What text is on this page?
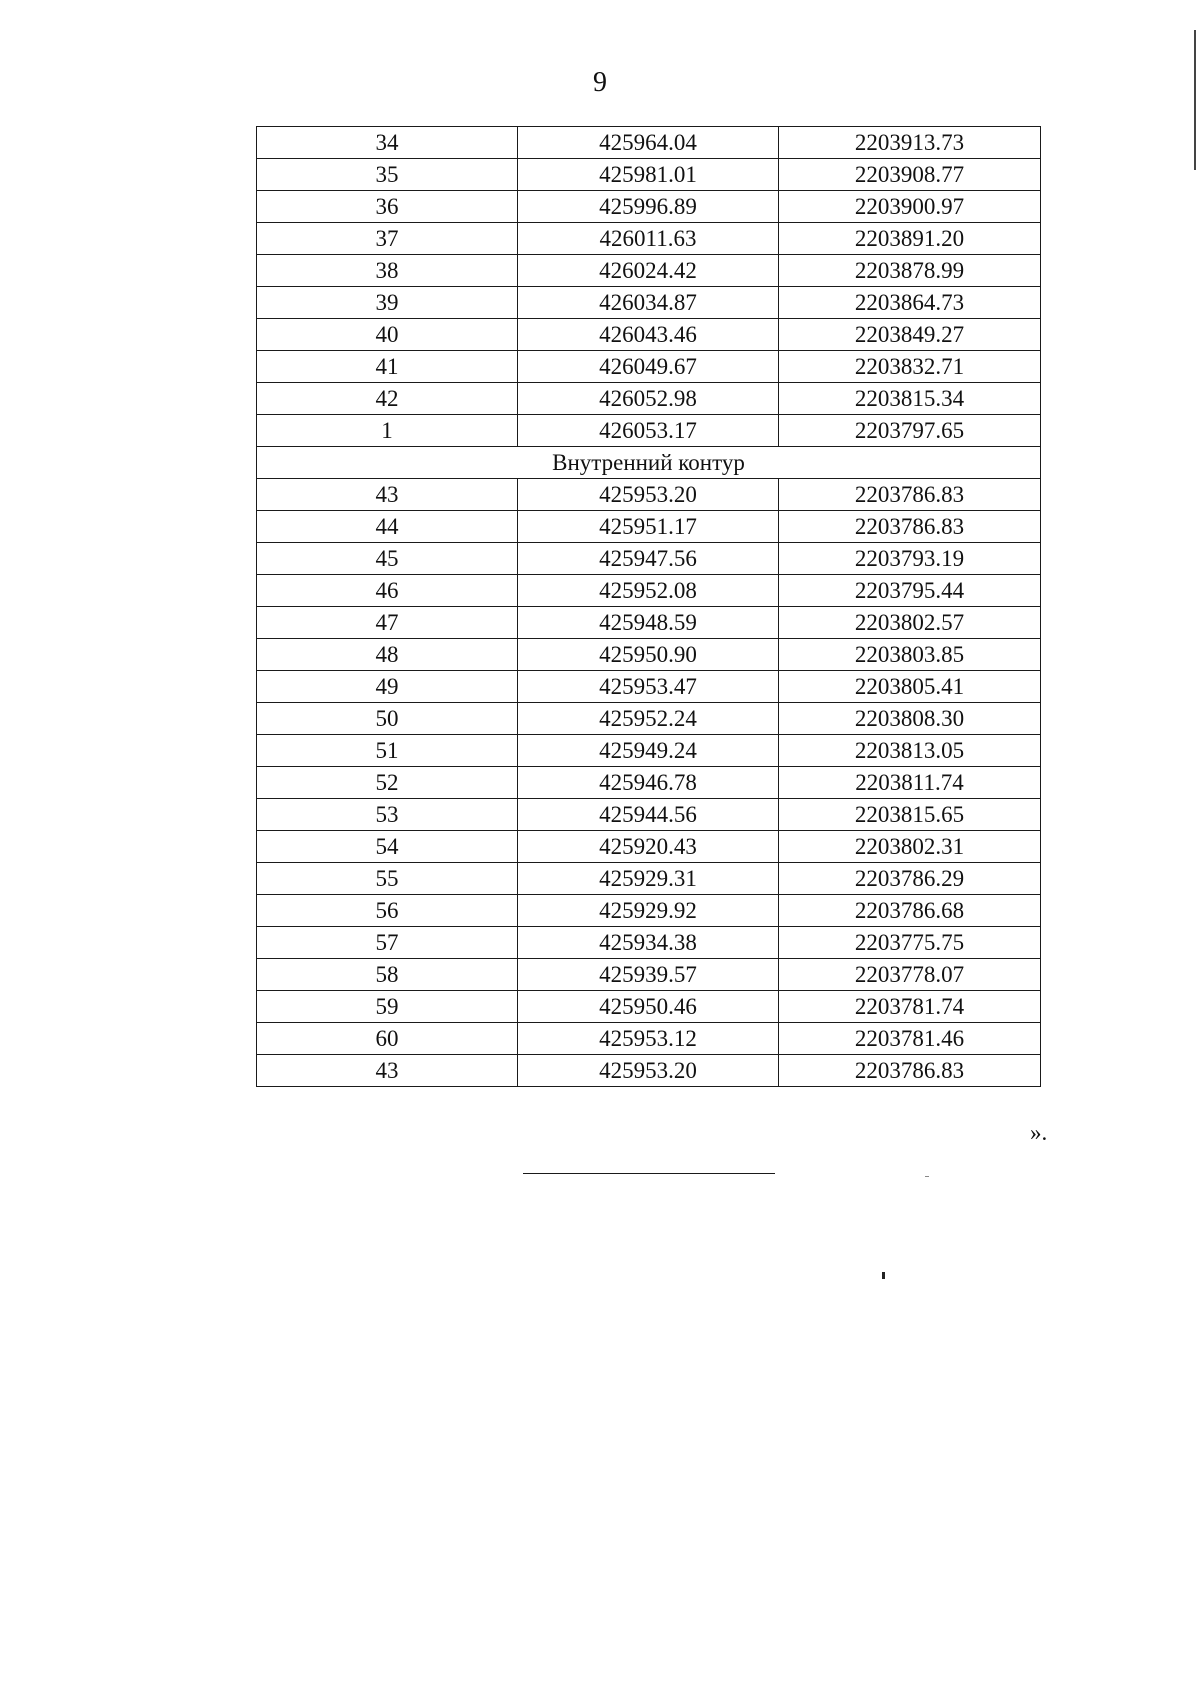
9
34	425964.04	2203913.73
35	425981.01	2203908.77
36	425996.89	2203900.97
37	426011.63	2203891.20
38	426024.42	2203878.99
39	426034.87	2203864.73
40	426043.46	2203849.27
41	426049.67	2203832.71
42	426052.98	2203815.34
1	426053.17	2203797.65
Внутренний контур		
43	425953.20	2203786.83
44	425951.17	2203786.83
45	425947.56	2203793.19
46	425952.08	2203795.44
47	425948.59	2203802.57
48	425950.90	2203803.85
49	425953.47	2203805.41
50	425952.24	2203808.30
51	425949.24	2203813.05
52	425946.78	2203811.74
53	425944.56	2203815.65
54	425920.43	2203802.31
55	425929.31	2203786.29
56	425929.92	2203786.68
57	425934.38	2203775.75
58	425939.57	2203778.07
59	425950.46	2203781.74
60	425953.12	2203781.46
43	425953.20	2203786.83
».
